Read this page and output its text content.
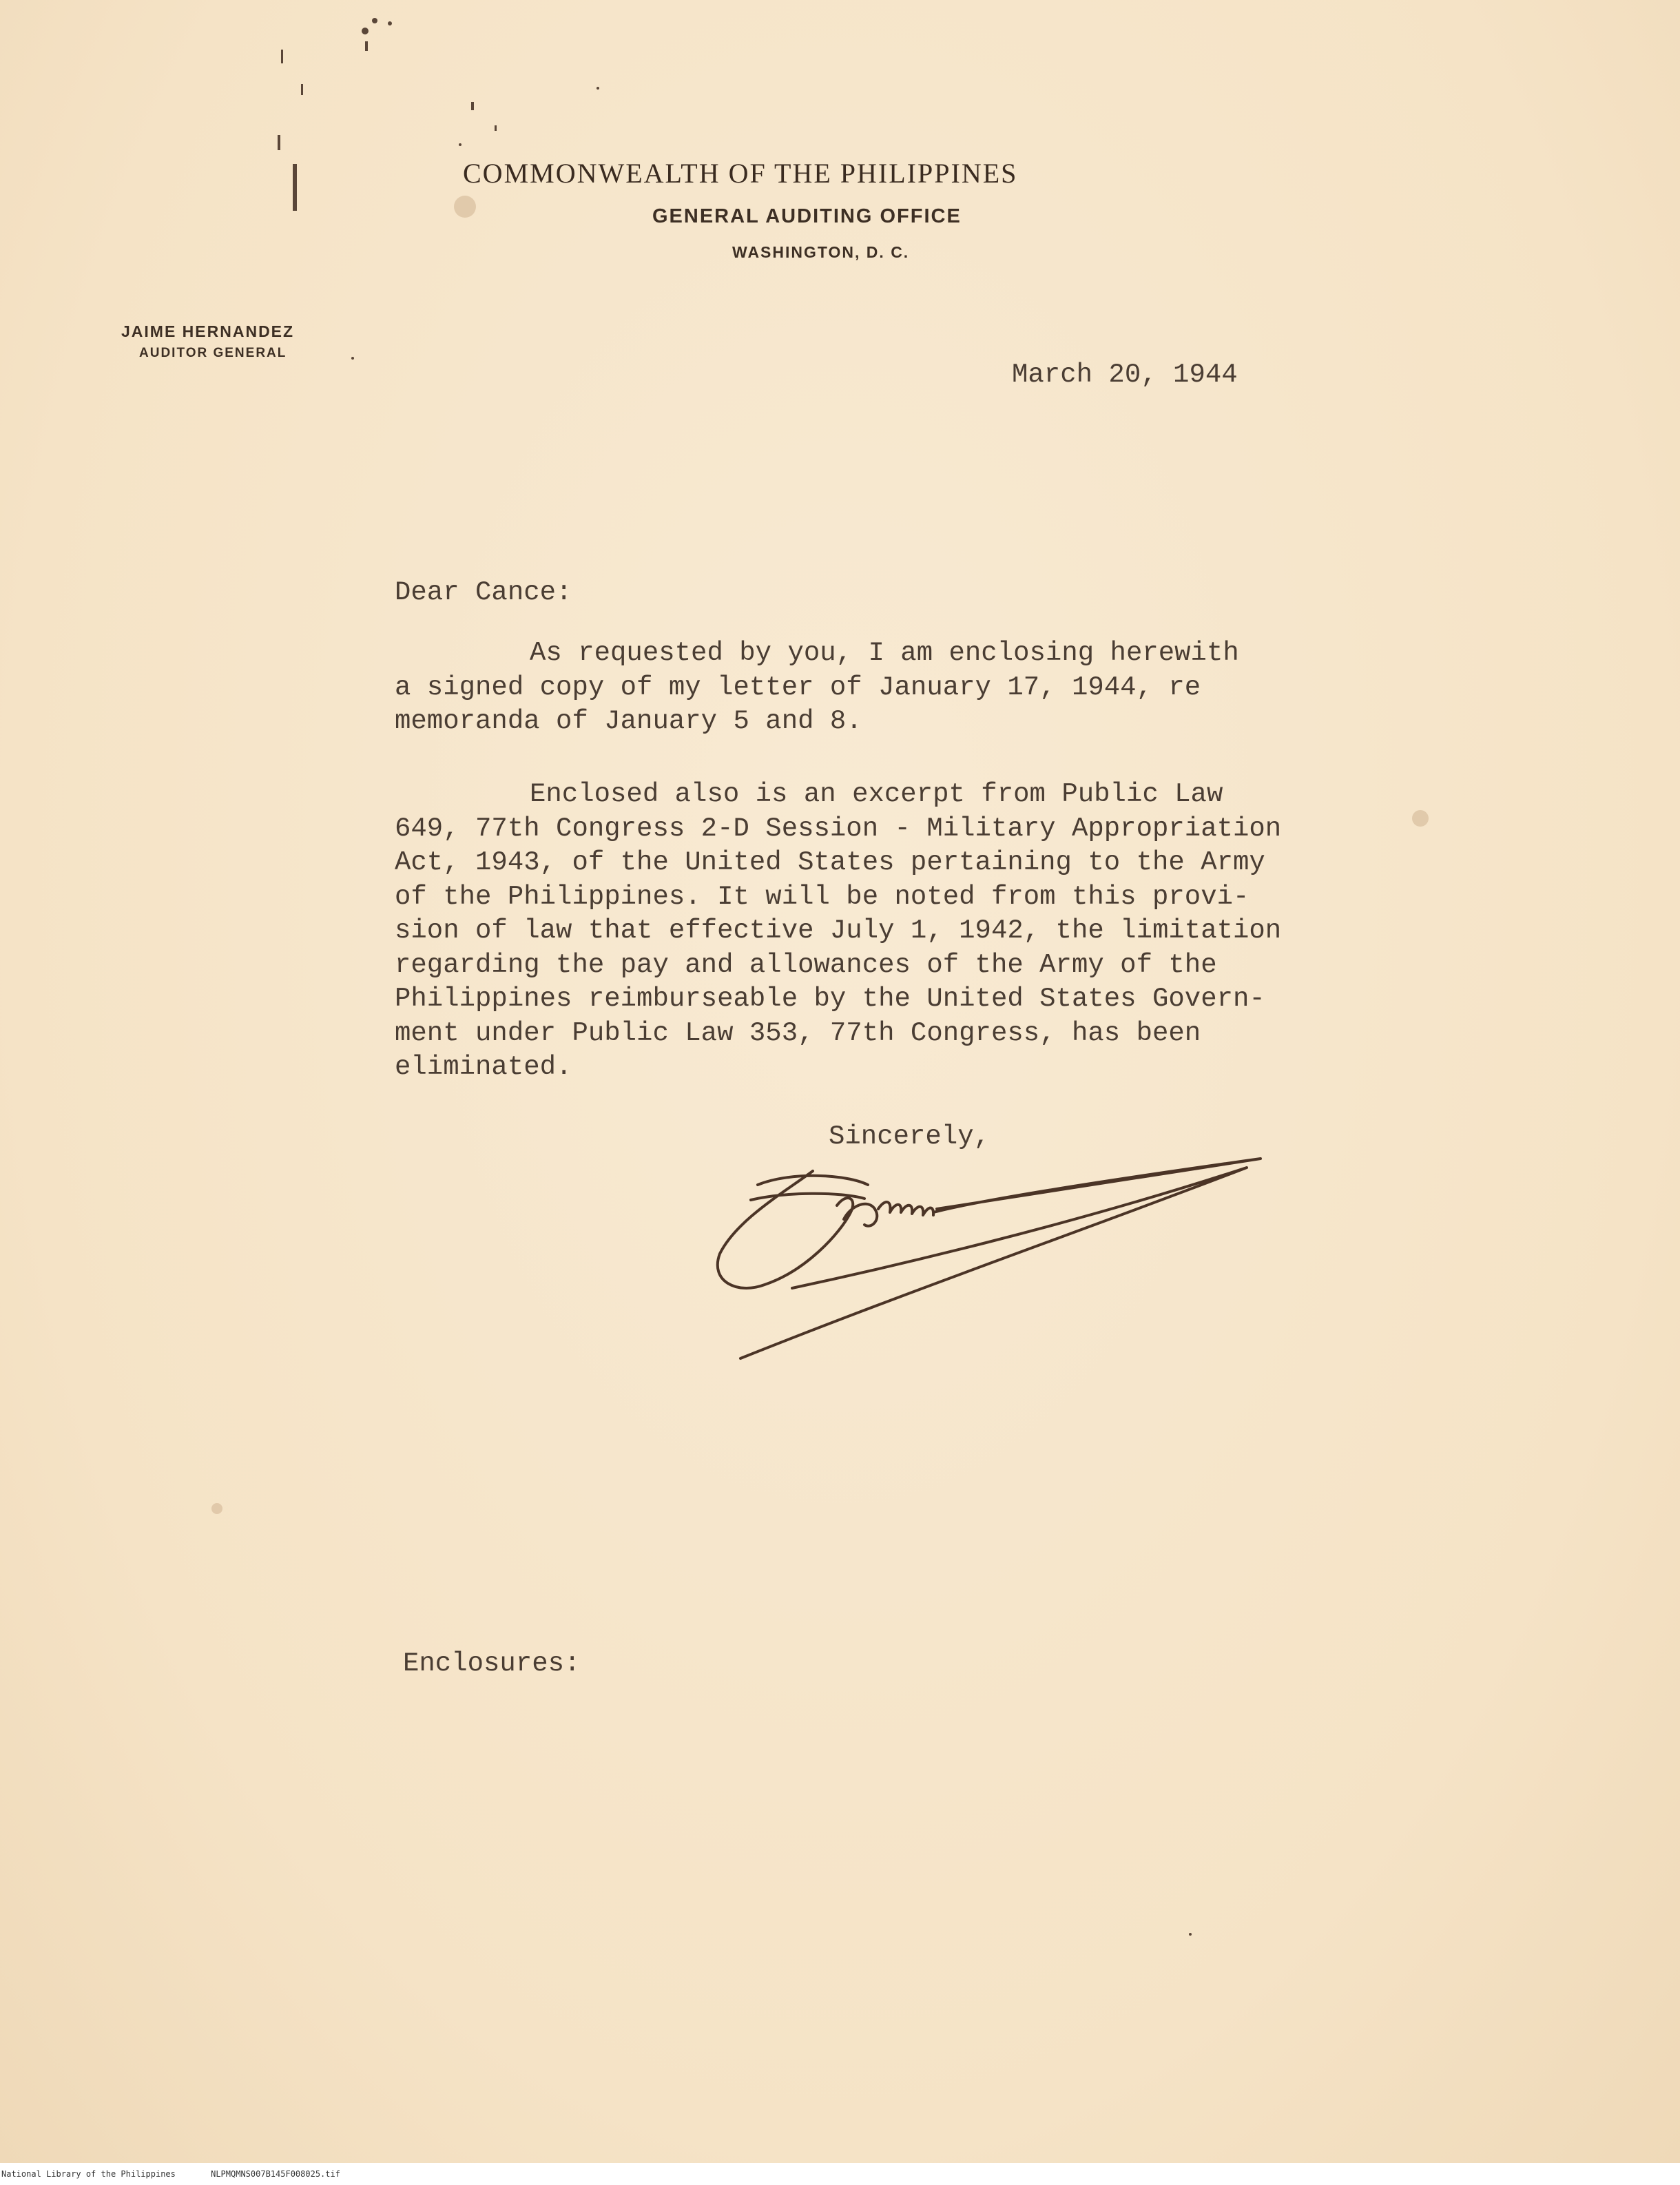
COMMONWEALTH OF THE PHILIPPINES
GENERAL AUDITING OFFICE
WASHINGTON, D. C.
JAIME HERNANDEZ
AUDITOR GENERAL
March 20, 1944
Dear Cance:
As requested by you, I am enclosing herewith
a signed copy of my letter of January 17, 1944, re
memoranda of January 5 and 8.
Enclosed also is an excerpt from Public Law
649, 77th Congress 2-D Session - Military Appropriation
Act, 1943, of the United States pertaining to the Army
of the Philippines. It will be noted from this provi-
sion of law that effective July 1, 1942, the limitation
regarding the pay and allowances of the Army of the
Philippines reimburseable by the United States Govern-
ment under Public Law 353, 77th Congress, has been
eliminated.
Sincerely,
Enclosures:
National Library of the Philippines	NLPMQMNS007B145F008025.tif
